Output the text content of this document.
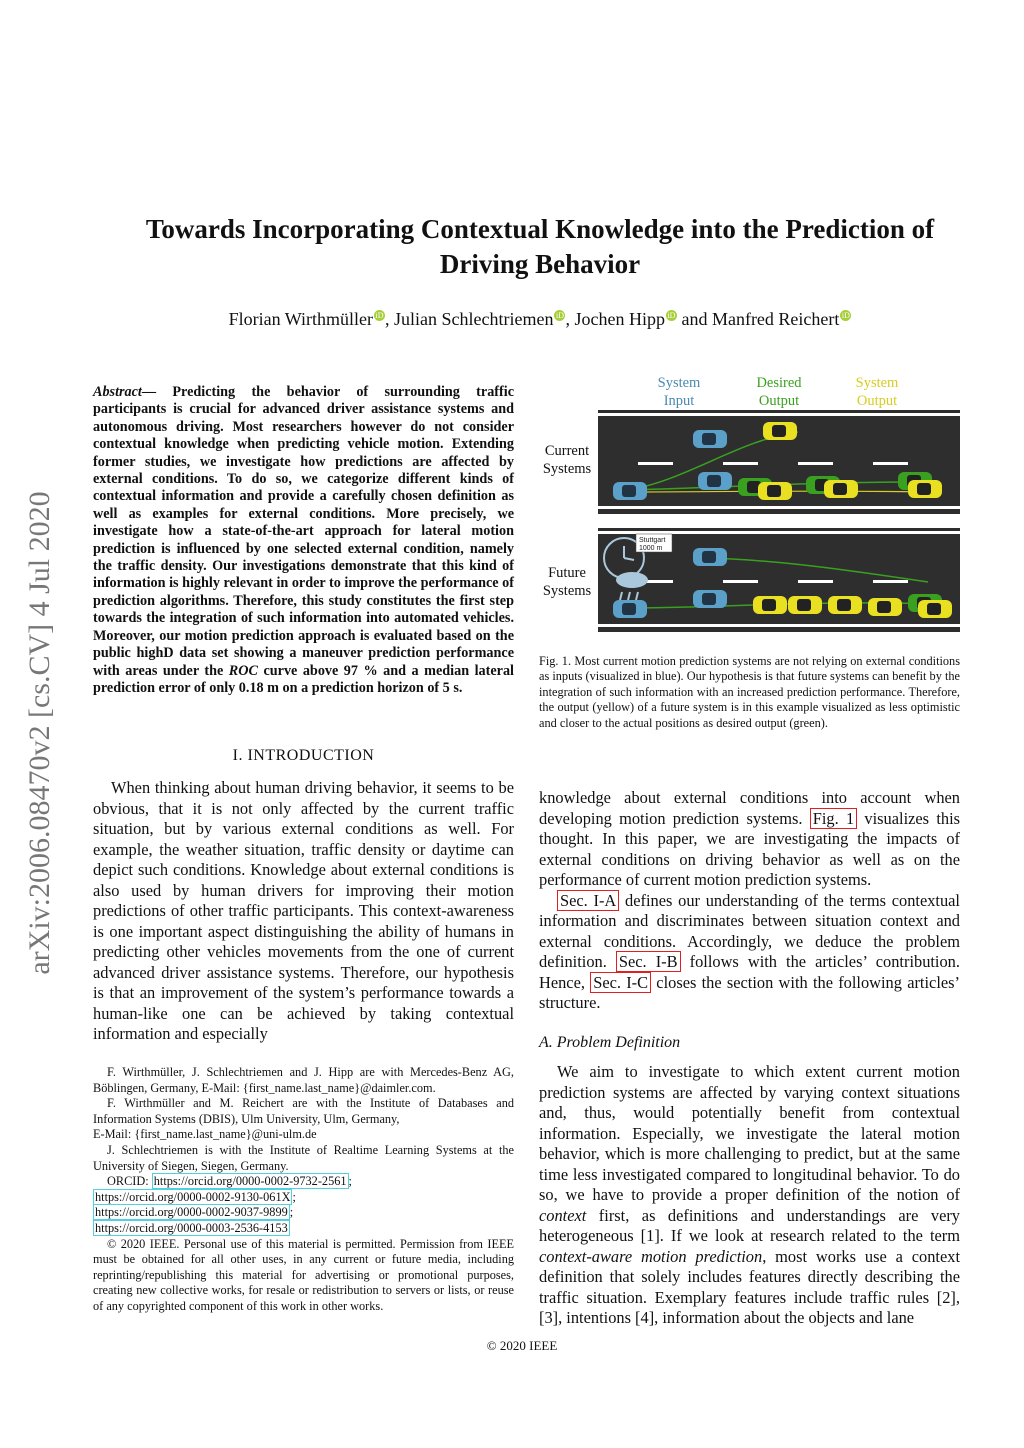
arXiv:2006.08470v2 [cs.CV] 4 Jul 2020
Towards Incorporating Contextual Knowledge into the Prediction of Driving Behavior
Florian Wirthmüller iD, Julian Schlechtriemen iD, Jochen Hipp iD and Manfred Reichert iD
Abstract— Predicting the behavior of surrounding traffic participants is crucial for advanced driver assistance systems and autonomous driving. Most researchers however do not consider contextual knowledge when predicting vehicle motion. Extending former studies, we investigate how predictions are affected by external conditions. To do so, we categorize different kinds of contextual information and provide a carefully chosen definition as well as examples for external conditions. More precisely, we investigate how a state-of-the-art approach for lateral motion prediction is influenced by one selected external condition, namely the traffic density. Our investigations demonstrate that this kind of information is highly relevant in order to improve the performance of prediction algorithms. Therefore, this study constitutes the first step towards the integration of such information into automated vehicles. Moreover, our motion prediction approach is evaluated based on the public highD data set showing a maneuver prediction performance with areas under the ROC curve above 97 % and a median lateral prediction error of only 0.18 m on a prediction horizon of 5 s.
I. INTRODUCTION

When thinking about human driving behavior, it seems to be obvious, that it is not only affected by the current traffic situation, but by various external conditions as well. For example, the weather situation, traffic density or daytime can depict such conditions. Knowledge about external conditions is also used by human drivers for improving their motion predictions of other traffic participants. This context-awareness is one important aspect distinguishing the ability of humans in predicting other vehicles movements from the one of current advanced driver assistance systems. Therefore, our hypothesis is that an improvement of the system’s performance towards a human-like one can be achieved by taking contextual information and especially

F. Wirthmüller, J. Schlechtriemen and J. Hipp are with Mercedes-Benz AG, Böblingen, Germany, E-Mail: {first_name.last_name}@daimler.com.

F. Wirthmüller and M. Reichert are with the Institute of Databases and Information Systems (DBIS), Ulm University, Ulm, Germany,

E-Mail: {first_name.last_name}@uni-ulm.de

J. Schlechtriemen is with the Institute of Realtime Learning Systems at the University of Siegen, Siegen, Germany.

ORCID: https://orcid.org/0000-0002-9732-2561 ;

https://orcid.org/0000-0002-9130-061X ;
https://orcid.org/0000-0002-9037-9899 ;
https://orcid.org/0000-0003-2536-4153

© 2020 IEEE. Personal use of this material is permitted. Permission from IEEE must be obtained for all other uses, in any current or future media, including reprinting/republishing this material for advertising or promotional purposes, creating new collective works, for resale or redistribution to servers or lists, or reuse of any copyrighted component of this work in other works.

System
Input
Desired
Output
System
Output
Current
Systems
Future
Systems
Stuttgart
1000 m
Fig. 1. Most current motion prediction systems are not relying on external conditions as inputs (visualized in blue). Our hypothesis is that future systems can benefit by the integration of such information with an increased prediction performance. Therefore, the output (yellow) of a future system is in this example visualized as less optimistic and closer to the actual positions as desired output (green).

knowledge about external conditions into account when developing motion prediction systems. Fig. 1 visualizes this thought. In this paper, we are investigating the impacts of external conditions on driving behavior as well as on the performance of current motion prediction systems.

Sec. I-A defines our understanding of the terms contextual information and discriminates between situation context and external conditions. Accordingly, we deduce the problem definition. Sec. I-B follows with the articles’ contribution. Hence, Sec. I-C closes the section with the following articles’ structure.

A. Problem Definition

We aim to investigate to which extent current motion prediction systems are affected by varying context situations and, thus, would potentially benefit from contextual information. Especially, we investigate the lateral motion behavior, which is more challenging to predict, but at the same time less investigated compared to longitudinal behavior. To do so, we have to provide a proper definition of the notion of context first, as definitions and understandings are very heterogeneous [1]. If we look at research related to the term context-aware motion prediction, most works use a context definition that solely includes features directly describing the traffic situation. Exemplary features include traffic rules [2], [3], intentions [4], information about the objects and lane

© 2020 IEEE
